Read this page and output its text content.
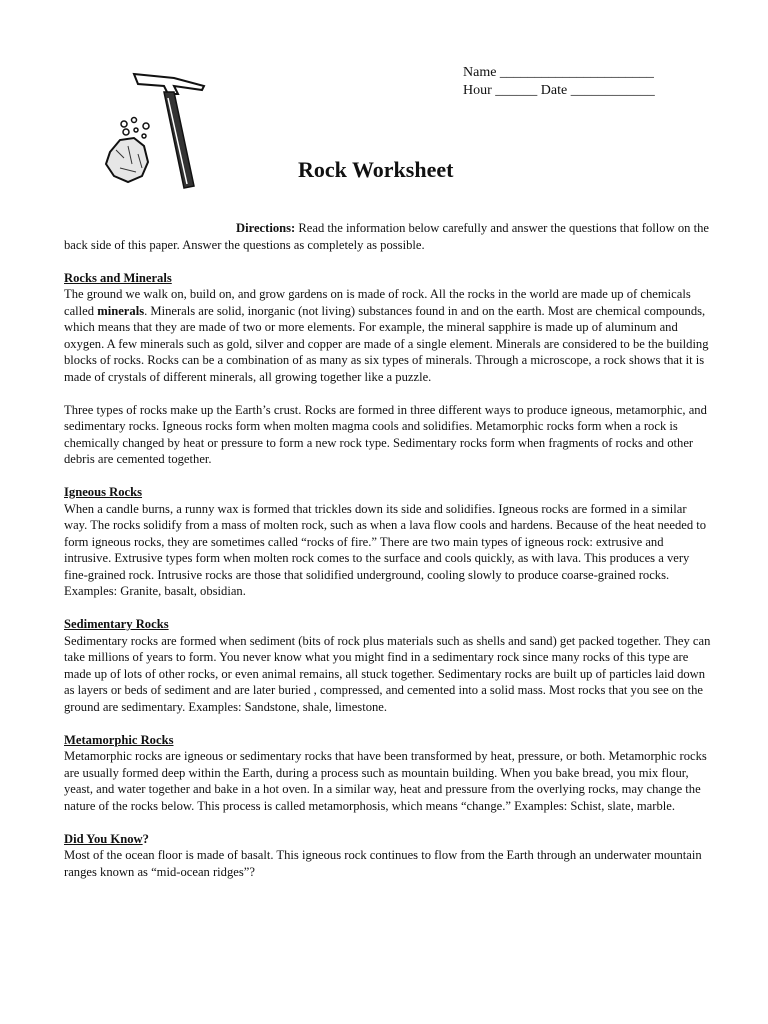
Name ______________________
Hour ______ Date ____________
Rock Worksheet

Directions: Read the information below carefully and answer the questions that follow on the back side of this paper. Answer the questions as completely as possible.

Rocks and Minerals

The ground we walk on, build on, and grow gardens on is made of rock. All the rocks in the world are made up of chemicals called minerals. Minerals are solid, inorganic (not living) substances found in and on the earth. Most are chemical compounds, which means that they are made of two or more elements. For example, the mineral sapphire is made up of aluminum and oxygen. A few minerals such as gold, silver and copper are made of a single element. Minerals are considered to be the building blocks of rocks. Rocks can be a combination of as many as six types of minerals. Through a microscope, a rock shows that it is made of crystals of different minerals, all growing together like a puzzle.

Three types of rocks make up the Earth’s crust. Rocks are formed in three different ways to produce igneous, metamorphic, and sedimentary rocks. Igneous rocks form when molten magma cools and solidifies. Metamorphic rocks form when a rock is chemically changed by heat or pressure to form a new rock type. Sedimentary rocks form when fragments of rocks and other debris are cemented together.

Igneous Rocks

When a candle burns, a runny wax is formed that trickles down its side and solidifies. Igneous rocks are formed in a similar way. The rocks solidify from a mass of molten rock, such as when a lava flow cools and hardens. Because of the heat needed to form igneous rocks, they are sometimes called “rocks of fire.” There are two main types of igneous rock: extrusive and intrusive. Extrusive types form when molten rock comes to the surface and cools quickly, as with lava. This produces a very fine-grained rock. Intrusive rocks are those that solidified underground, cooling slowly to produce coarse-grained rocks. Examples: Granite, basalt, obsidian.

Sedimentary Rocks

Sedimentary rocks are formed when sediment (bits of rock plus materials such as shells and sand) get packed together. They can take millions of years to form. You never know what you might find in a sedimentary rock since many rocks of this type are made up of lots of other rocks, or even animal remains, all stuck together. Sedimentary rocks are built up of particles laid down as layers or beds of sediment and are later buried , compressed, and cemented into a solid mass. Most rocks that you see on the ground are sedimentary. Examples: Sandstone, shale, limestone.

Metamorphic Rocks

Metamorphic rocks are igneous or sedimentary rocks that have been transformed by heat, pressure, or both. Metamorphic rocks are usually formed deep within the Earth, during a process such as mountain building. When you bake bread, you mix flour, yeast, and water together and bake in a hot oven. In a similar way, heat and pressure from the overlying rocks, may change the nature of the rocks below. This process is called metamorphosis, which means “change.” Examples: Schist, slate, marble.

Did You Know?

Most of the ocean floor is made of basalt. This igneous rock continues to flow from the Earth through an underwater mountain ranges known as “mid-ocean ridges”?
